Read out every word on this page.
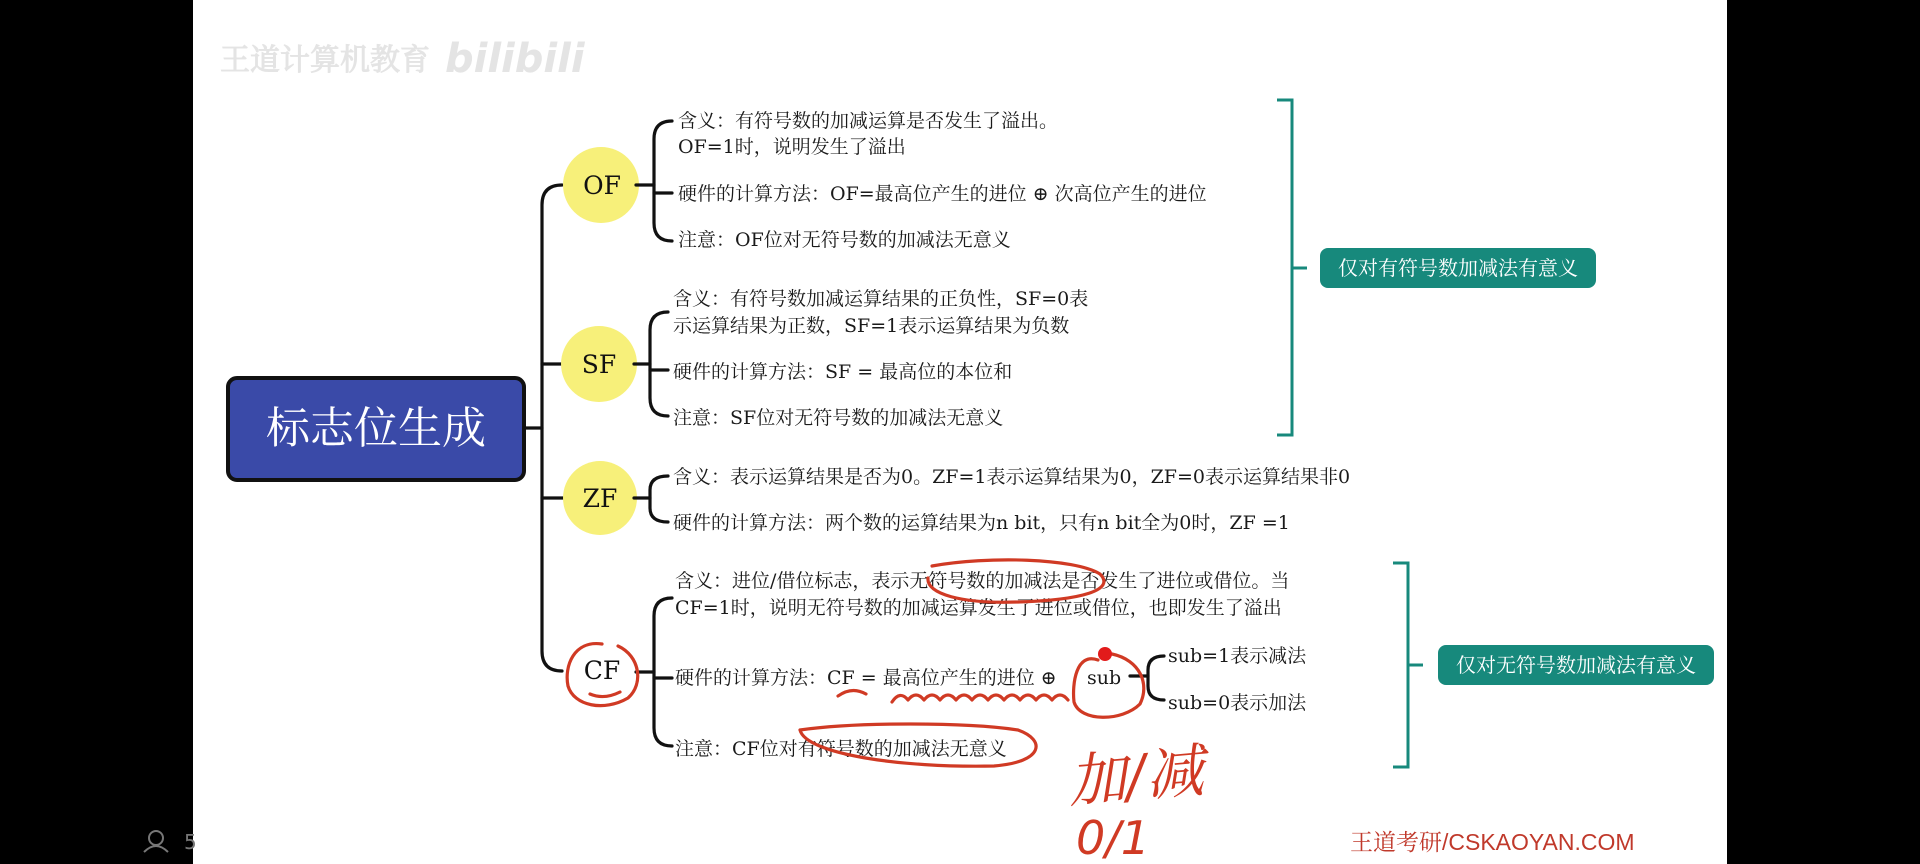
王道计算机教育 bilibili
标志位生成
OF
含义：有符号数的加减运算是否发生了溢出。
OF=1时，说明发生了溢出
硬件的计算方法：OF=最高位产生的进位 ⊕ 次高位产生的进位
注意：OF位对无符号数的加减法无意义
SF
含义：有符号数加减运算结果的正负性，SF=0表
示运算结果为正数，SF=1表示运算结果为负数
硬件的计算方法：SF = 最高位的本位和
注意：SF位对无符号数的加减法无意义
ZF
含义：表示运算结果是否为0。ZF=1表示运算结果为0，ZF=0表示运算结果非0
硬件的计算方法：两个数的运算结果为n bit，只有n bit全为0时，ZF =1
CF
含义：进位/借位标志，表示无符号数的加减法是否发生了进位或借位。当
CF=1时，说明无符号数的加减运算发生了进位或借位，也即发生了溢出
硬件的计算方法：CF = 最高位产生的进位 ⊕ sub
sub=1表示减法
sub=0表示加法
注意：CF位对有符号数的加减法无意义
仅对有符号数加减法有意义
仅对无符号数加减法有意义
加/减
0/1	王道考研/CSKAOYAN.COM
5
